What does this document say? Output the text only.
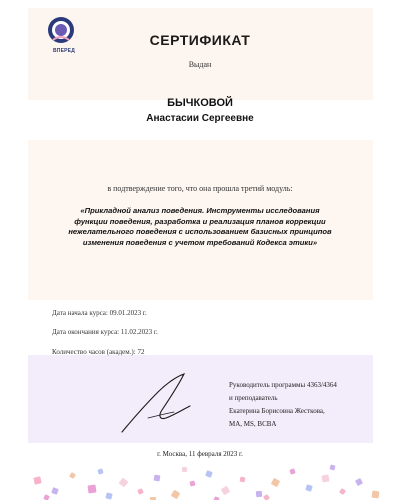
ВПЕРЕД
СЕРТИФИКАТ
Выдан
БЫЧКОВОЙ
Анастасии Сергеевне
в подтверждение того, что она прошла третий модуль:
«Прикладной анализ поведения. Инструменты исследования
функции поведения, разработка и реализация планов коррекции
нежелательного поведения с использованием базисных принципов
изменения поведения с учетом требований Кодекса этики»
Дата начала курса: 09.01.2023 г.
Дата окончания курса: 11.02.2023 г.
Количество часов (академ.): 72
Руководитель программы 4363/4364
и преподаватель
Екатерина Борисовна Жесткова,
МА, MS, BCBA
г. Москва, 11 февраля 2023 г.
